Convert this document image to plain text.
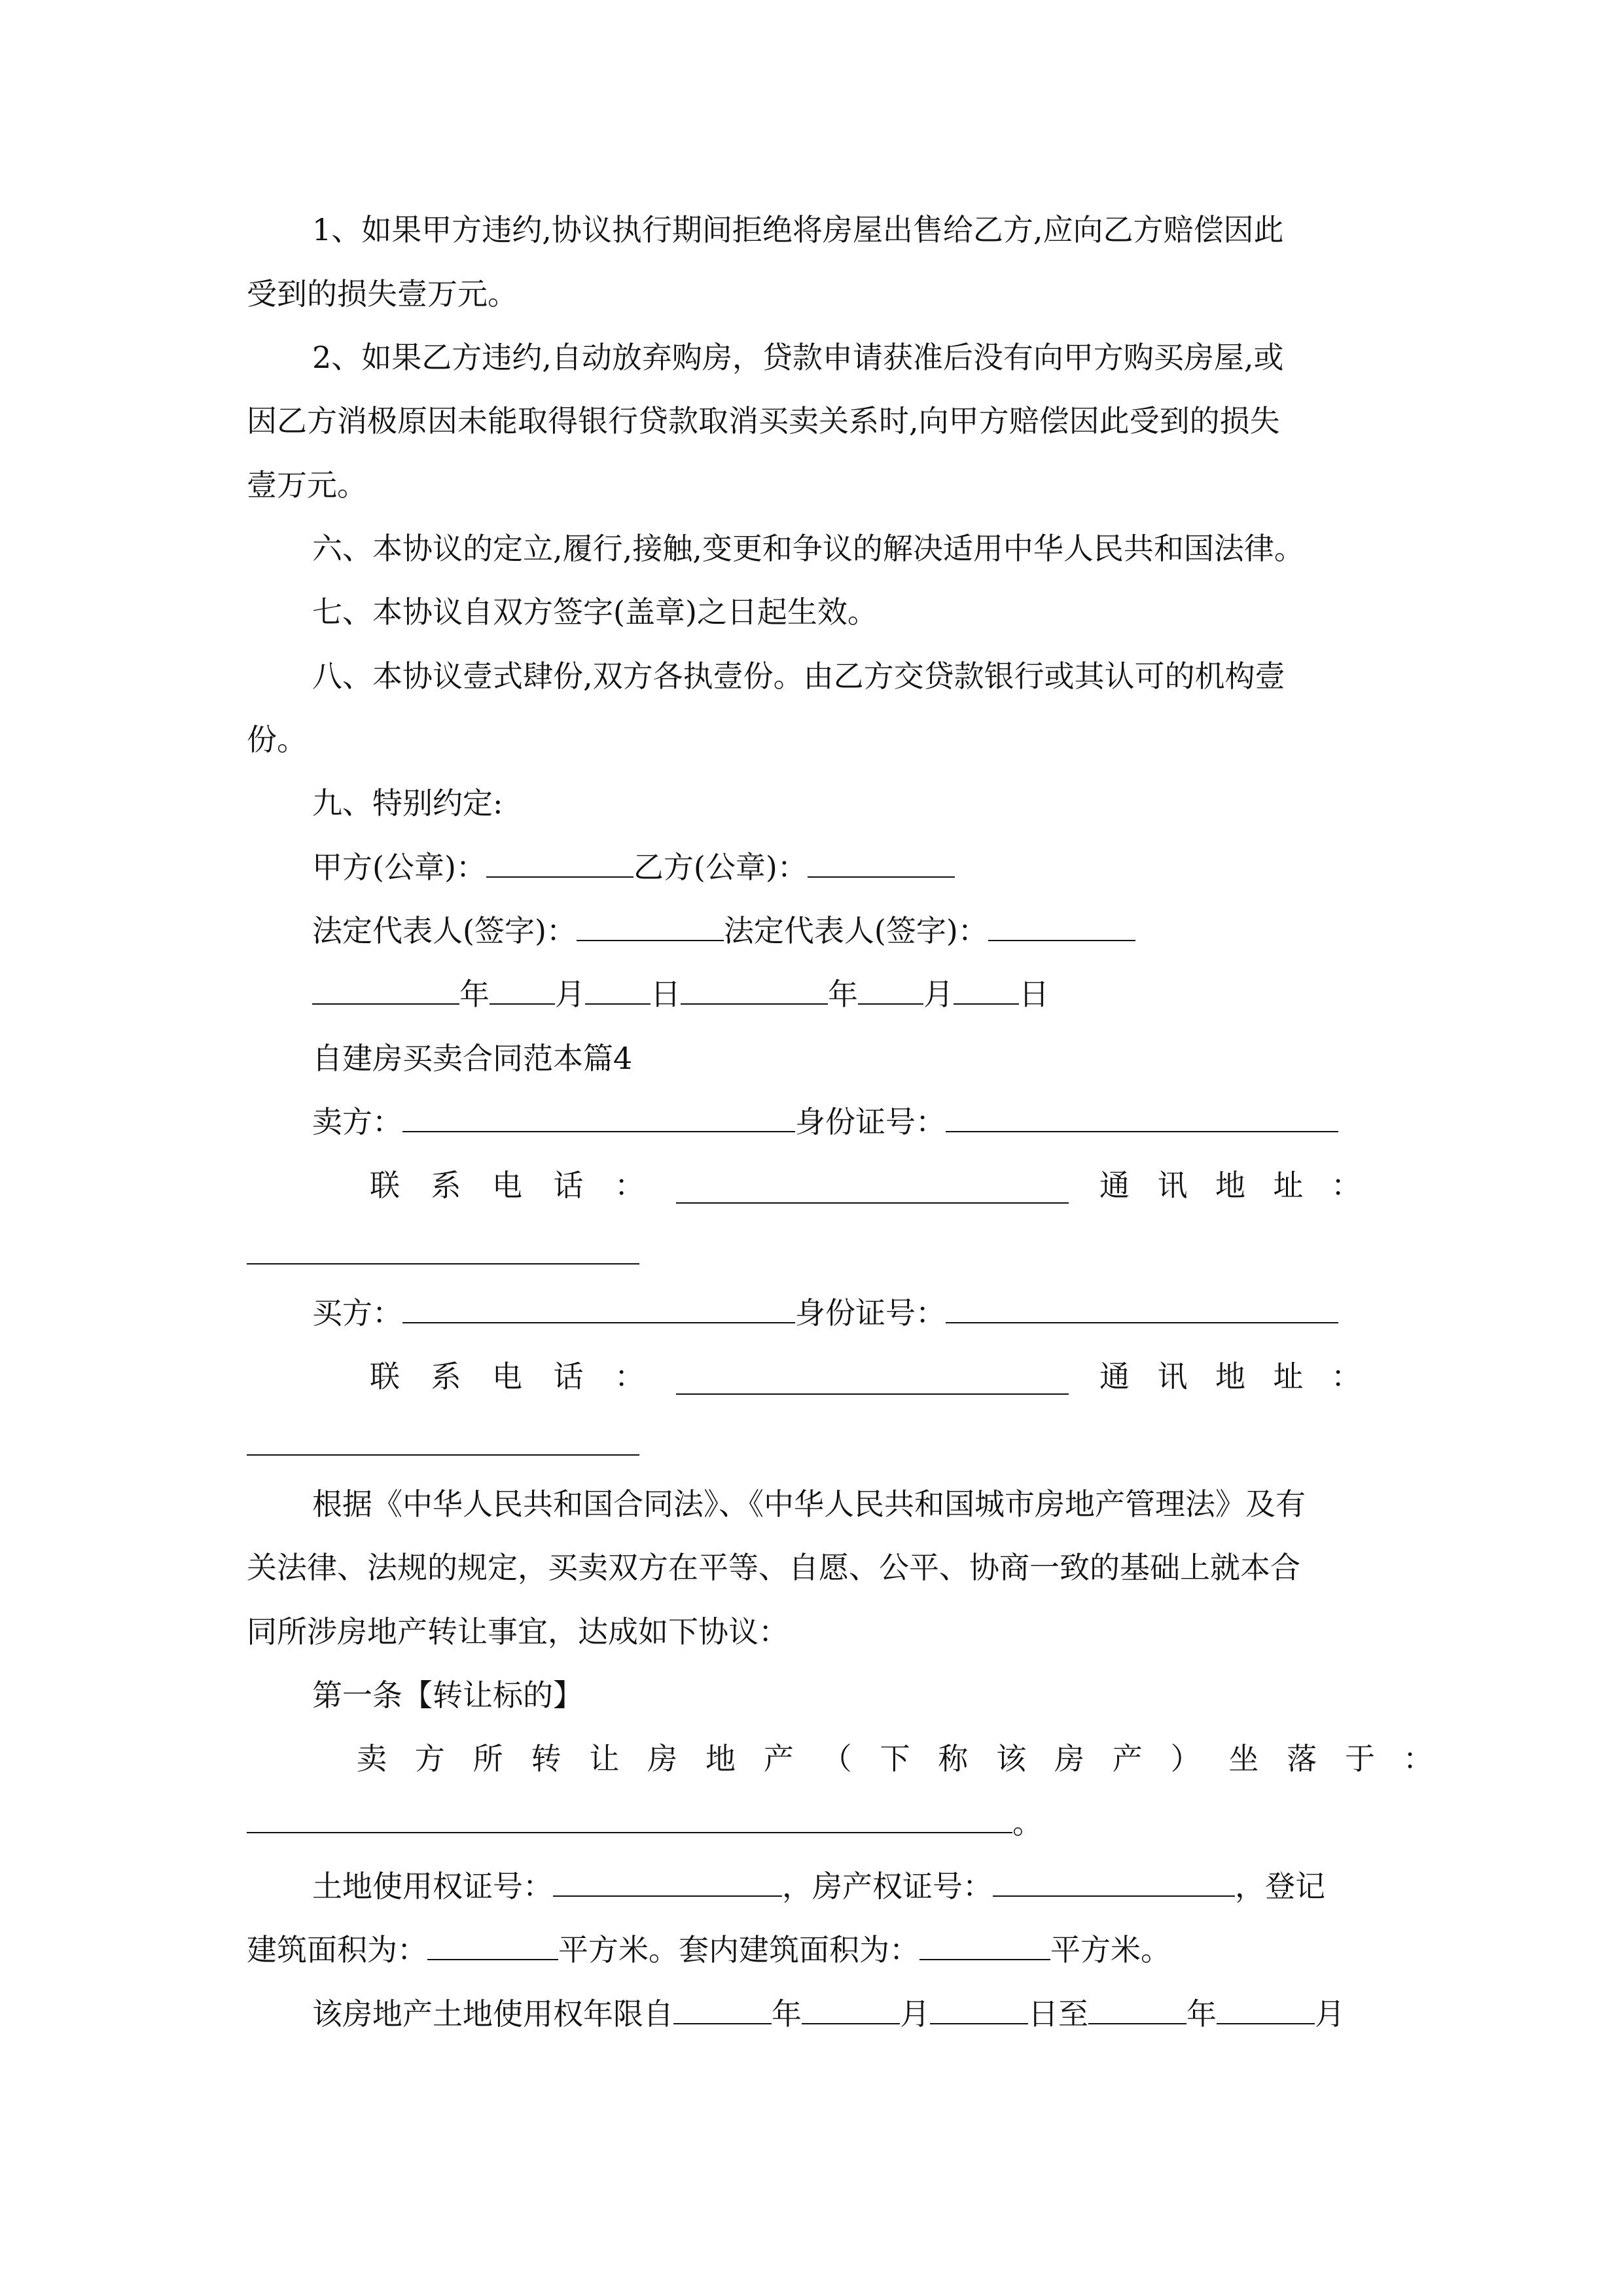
1、如果甲方违约,协议执行期间拒绝将房屋出售给乙方,应向乙方赔偿因此
受到的损失壹万元。
2、如果乙方违约,自动放弃购房，贷款申请获准后没有向甲方购买房屋,或
因乙方消极原因未能取得银行贷款取消买卖关系时,向甲方赔偿因此受到的损失
壹万元。
六、本协议的定立,履行,接触,变更和争议的解决适用中华人民共和国法律。
七、本协议自双方签字(盖章)之日起生效。
八、本协议壹式肆份,双方各执壹份。由乙方交贷款银行或其认可的机构壹
份。
九、特别约定:
甲方(公章)：	乙方(公章)：
法定代表人(签字)：	法定代表人(签字)：
年 月 日	年 月 日
自建房买卖合同范本篇4
卖方：	身份证号：
联 系 电 话 ：	通 讯 地 址 ：
买方：	身份证号：
联 系 电 话 ：	通 讯 地 址 ：
根据《中华人民共和国合同法》、《中华人民共和国城市房地产管理法》及有
关法律、法规的规定，买卖双方在平等、自愿、公平、协商一致的基础上就本合
同所涉房地产转让事宜，达成如下协议：
第一条【转让标的】
卖 方 所 转 让 房 地 产 （ 下 称 该 房 产 ） 坐 落 于 ：
。
土地使用权证号：	，房产权证号：	，登记
建筑面积为：	平方米。套内建筑面积为：	平方米。
该房地产土地使用权年限自	年	月	日至	年	月
